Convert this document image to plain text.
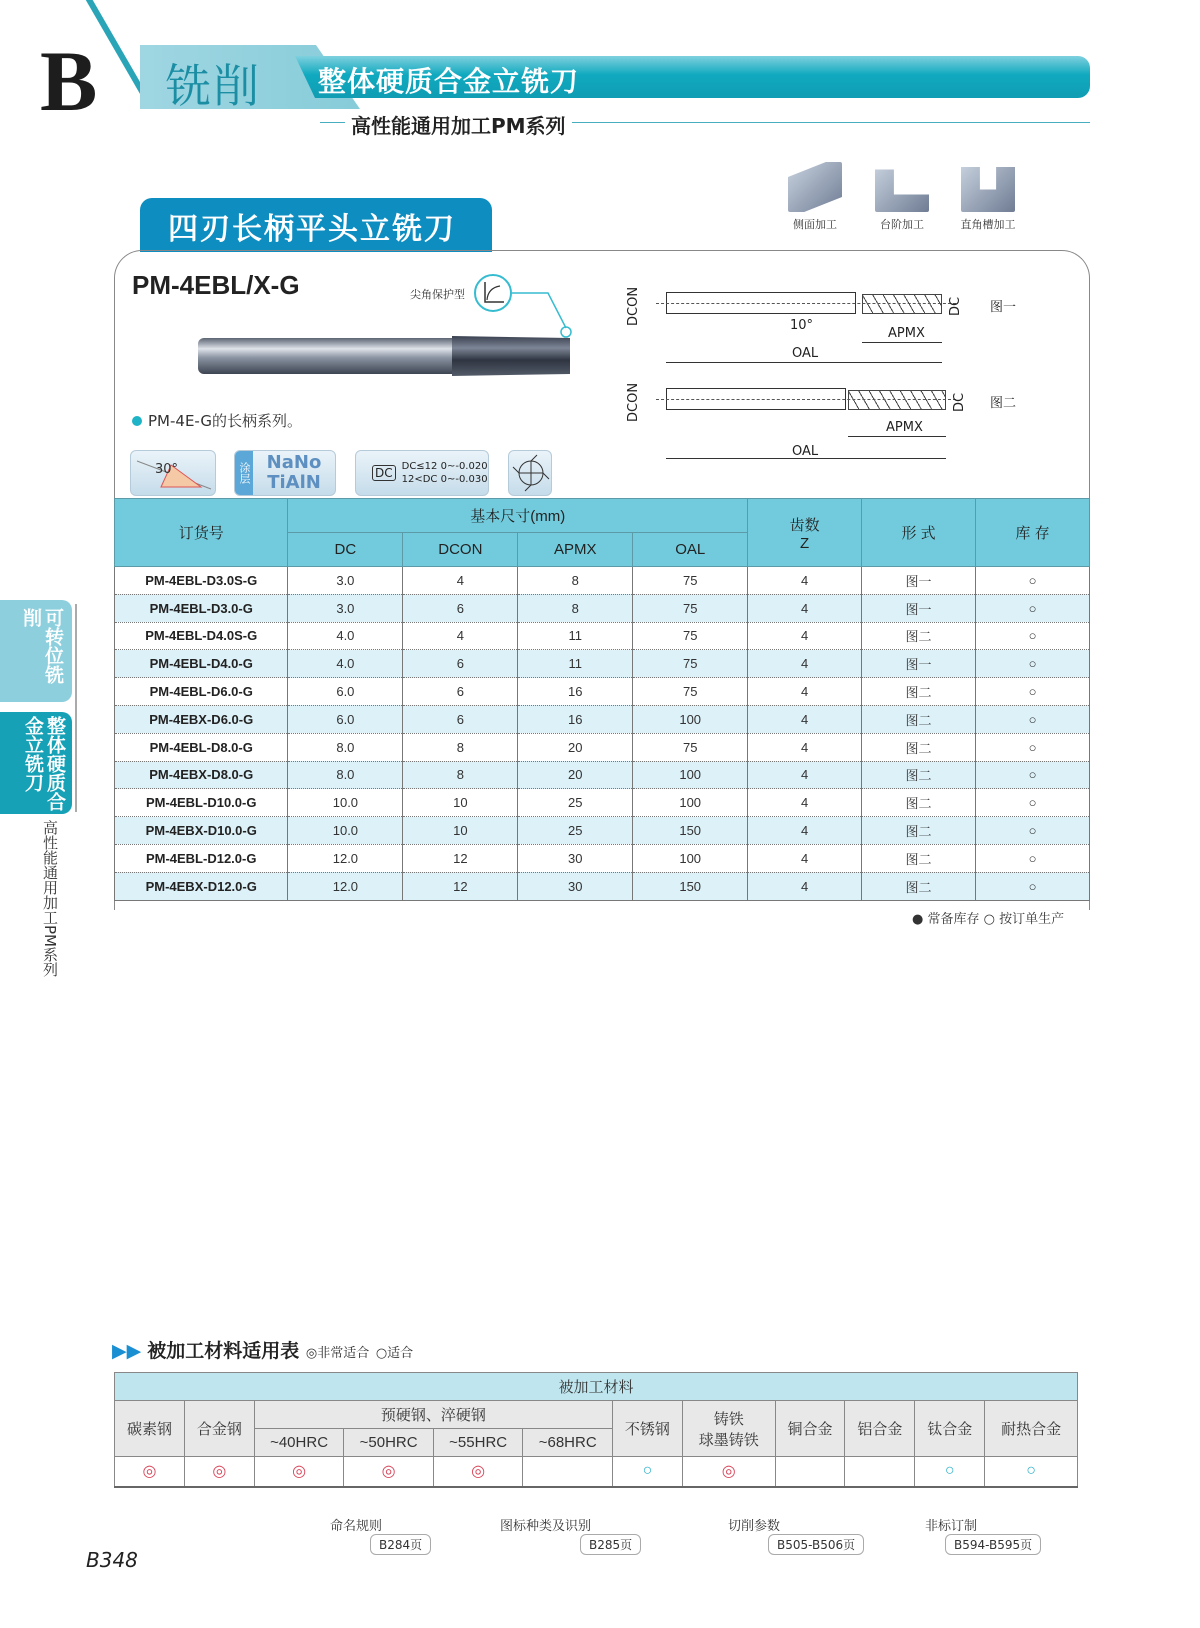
B 铣削 整体硬质合金立铣刀
高性能通用加工PM系列
侧面加工	台阶加工	直角槽加工
四刃长柄平头立铣刀
PM-4EBL/X-G	尖角保护型
PM-4E-G的长柄系列。
30°	涂层 NaNo
TiAlN	DC DC≤12 0~-0.020
12<DC 0~-0.030
DCON	DC
10°
APMX
OAL
图一
DCON	DC
APMX
OAL
图二
订货号	基本尺寸(mm)				齿数
Z	形 式	库 存
	DC	DCON	APMX	OAL			
PM-4EBL-D3.0S-G	3.0	4	8	75	4	图一	○
PM-4EBL-D3.0-G	3.0	6	8	75	4	图一	○
PM-4EBL-D4.0S-G	4.0	4	11	75	4	图二	○
PM-4EBL-D4.0-G	4.0	6	11	75	4	图一	○
PM-4EBL-D6.0-G	6.0	6	16	75	4	图二	○
PM-4EBX-D6.0-G	6.0	6	16	100	4	图二	○
PM-4EBL-D8.0-G	8.0	8	20	75	4	图二	○
PM-4EBX-D8.0-G	8.0	8	20	100	4	图二	○
PM-4EBL-D10.0-G	10.0	10	25	100	4	图二	○
PM-4EBX-D10.0-G	10.0	10	25	150	4	图二	○
PM-4EBL-D12.0-G	12.0	12	30	100	4	图二	○
PM-4EBX-D12.0-G	12.0	12	30	150	4	图二	○
● 常备库存 ○ 按订单生产
可转位铣削
整体硬质合金立铣刀
高性能通用加工PM系列
▶▶ 被加工材料适用表 ◎非常适合 ○适合
被加工材料											
碳素钢	合金钢	预硬钢、淬硬钢				不锈钢	铸铁
球墨铸铁	铜合金	铝合金	钛合金	耐热合金
		~40HRC	~50HRC	~55HRC	~68HRC						
◎	◎	◎	◎	◎		○	◎			○	○
命名规则
B284页
图标种类及识别
B285页
切削参数
B505-B506页
非标订制
B594-B595页
B348
